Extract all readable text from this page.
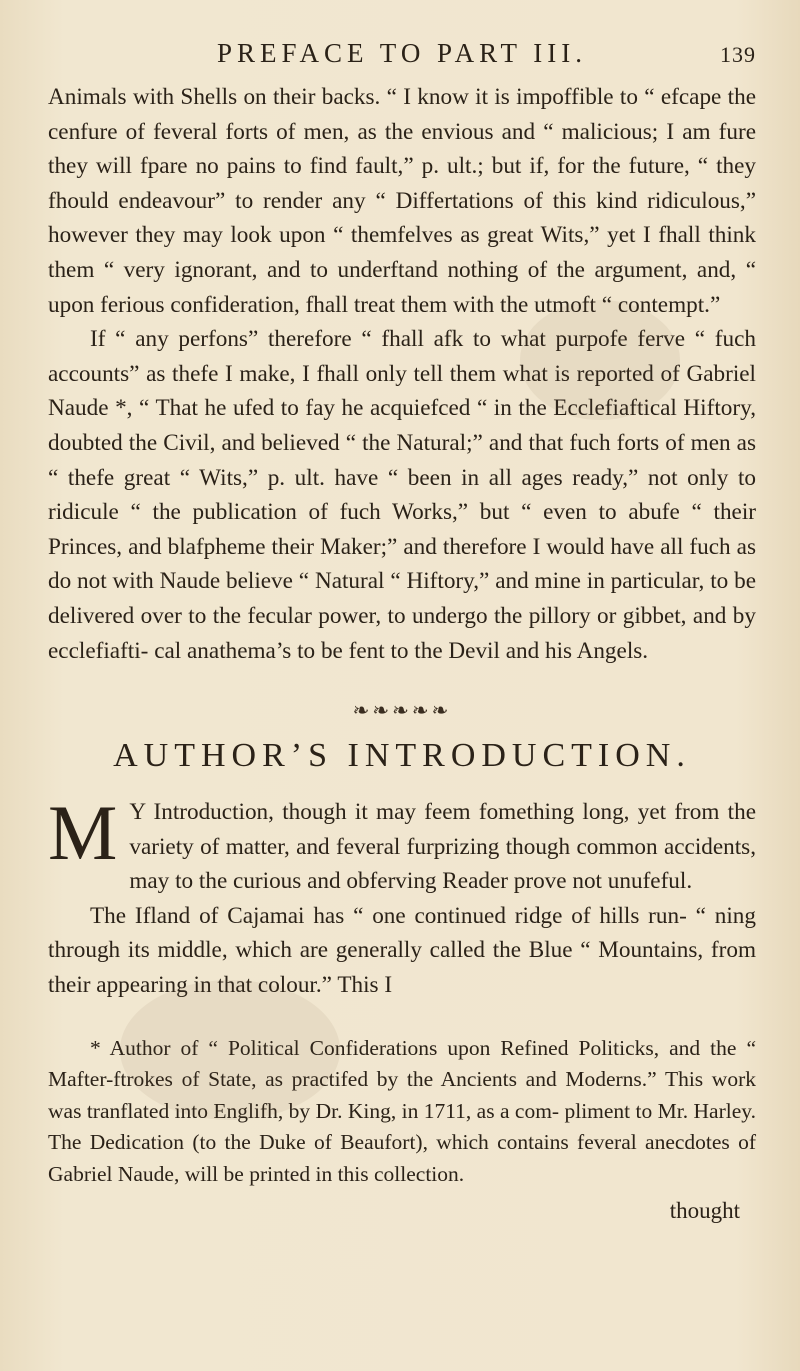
PREFACE TO PART III.	139

Animals with Shells on their backs. “ I know it is impoffible to “ efcape the cenfure of feveral forts of men, as the envious and “ malicious; I am fure they will fpare no pains to find fault,” p. ult.; but if, for the future, “ they fhould endeavour” to render any “ Differtations of this kind ridiculous,” however they may look upon “ themfelves as great Wits,” yet I fhall think them “ very ignorant, and to underftand nothing of the argument, and, “ upon ferious confideration, fhall treat them with the utmoft “ contempt.”

If “ any perfons” therefore “ fhall afk to what purpofe ferve “ fuch accounts” as thefe I make, I fhall only tell them what is reported of Gabriel Naude *, “ That he ufed to fay he acquiefced “ in the Ecclefiaftical Hiftory, doubted the Civil, and believed “ the Natural;” and that fuch forts of men as “ thefe great “ Wits,” p. ult. have “ been in all ages ready,” not only to ridicule “ the publication of fuch Works,” but “ even to abufe “ their Princes, and blafpheme their Maker;” and therefore I would have all fuch as do not with Naude believe “ Natural “ Hiftory,” and mine in particular, to be delivered over to the fecular power, to undergo the pillory or gibbet, and by ecclefiafti- cal anathema’s to be fent to the Devil and his Angels.

❧❧❧❧❧
AUTHOR’S INTRODUCTION.

M Y Introduction, though it may feem fomething long, yet from the variety of matter, and feveral furprizing though common accidents, may to the curious and obferving Reader prove not unufeful.

The Ifland of Cajamai has “ one continued ridge of hills run- “ ning through its middle, which are generally called the Blue “ Mountains, from their appearing in that colour.” This I

* Author of “ Political Confiderations upon Refined Politicks, and the “ Mafter-ftrokes of State, as practifed by the Ancients and Moderns.” This work was tranflated into Englifh, by Dr. King, in 1711, as a com- pliment to Mr. Harley. The Dedication (to the Duke of Beaufort), which contains feveral anecdotes of Gabriel Naude, will be printed in this collection.
thought
